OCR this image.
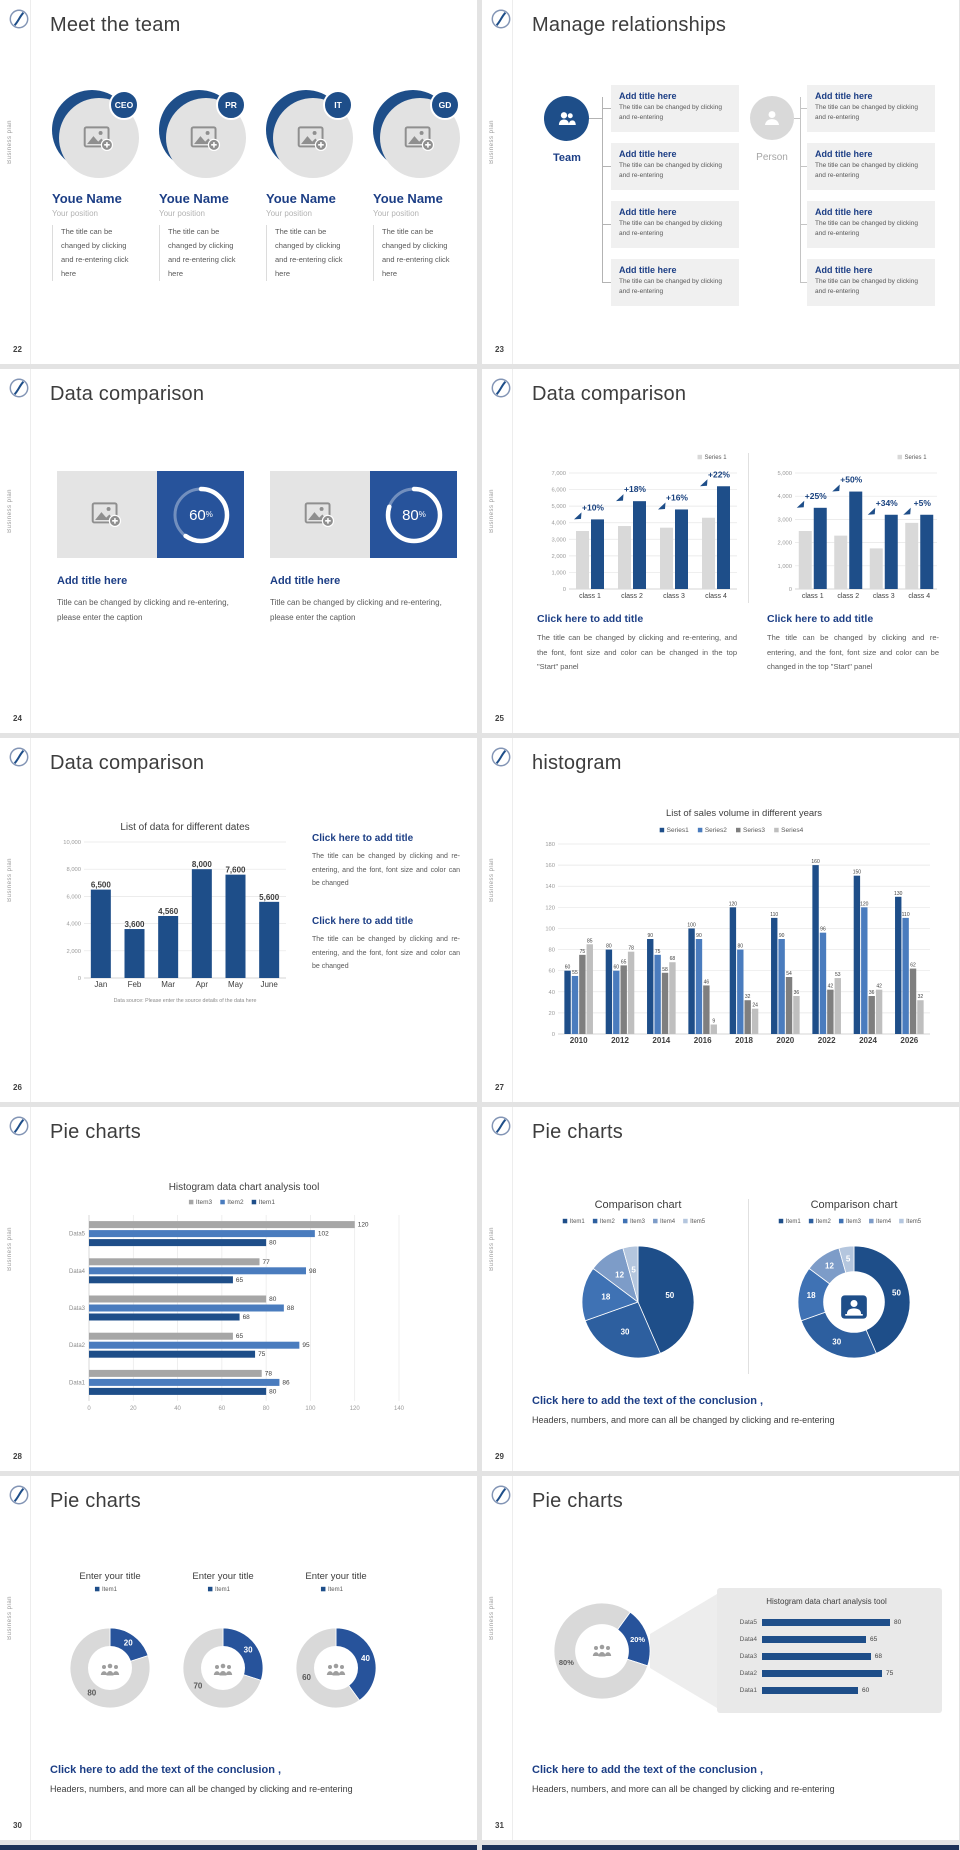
Business plan
Meet the team
22
CEO
Youe Name
Your position
The title can be changed by clicking and re-entering click here
PR
Youe Name
Your position
The title can be changed by clicking and re-entering click here
IT
Youe Name
Your position
The title can be changed by clicking and re-entering click here
GD
Youe Name
Your position
The title can be changed by clicking and re-entering click here
Business plan
Manage relationships
23
Team
Add title here
The title can be changed by clicking and re-entering
Add title here
The title can be changed by clicking and re-entering
Add title here
The title can be changed by clicking and re-entering
Add title here
The title can be changed by clicking and re-entering
Person
Add title here
The title can be changed by clicking and re-entering
Add title here
The title can be changed by clicking and re-entering
Add title here
The title can be changed by clicking and re-entering
Add title here
The title can be changed by clicking and re-entering
Business plan
Data comparison
24
60%
Add title here
Title can be changed by clicking and re-entering, please enter the caption
80%
Add title here
Title can be changed by clicking and re-entering, please enter the caption
Business plan
Data comparison
25
Series 1
0
1,000
2,000
3,000
4,000
5,000
6,000
7,000
class 1
+10%
class 2
+18%
class 3
+16%
class 4
+22%
Series 1
0
1,000
2,000
3,000
4,000
5,000
class 1
+25%
class 2
+50%
class 3
+34%
class 4
+5%
Click here to add title
The title can be changed by clicking and re-entering, and the font, font size and color can be changed in the top "Start" panel
Click here to add title
The title can be changed by clicking and re-entering, and the font, font size and color can be changed in the top "Start" panel
Business plan
Data comparison
26
List of data for different dates
0
2,000
4,000
6,000
8,000
10,000
Jan
6,500
Feb
3,600
Mar
4,560
Apr
8,000
May
7,600
June
5,600
Data source: Please enter the source details of the data here
Click here to add title
The title can be changed by clicking and re-entering, and the font, font size and color can be changed
Click here to add title
The title can be changed by clicking and re-entering, and the font, font size and color can be changed
Business plan
histogram
27
List of sales volume in different years
Series1 Series2 Series3 Series4
0
20
40
60
80
100
120
140
160
180
2010
60
55
75
85
2012
80
60
65
78
2014
90
75
58
68
2016
100
90
46
9
2018
120
80
32
24
2020
110
90
54
36
2022
160
96
42
53
2024
150
120
36
42
2026
130
110
62
32
Business plan
Pie charts
28
Histogram data chart analysis tool
Item3 Item2 Item1
0	20	40	60	80	100	120	140
Data5
120
102
80
Data4
77
98
65
Data3
80
88
68
Data2
65
95
75
Data1
78
86
80
Business plan
Pie charts
29
Comparison chart
Item1	Item2	Item3	Item4	Item5
50
30
18
12
5
Comparison chart
Item1	Item2	Item3	Item4	Item5
50
30
18
12
5
Click here to add the text of the conclusion ,
Headers, numbers, and more can all be changed by clicking and re-entering
Business plan
Pie charts
30
Enter your title
Item1
20
80
Enter your title
Item1
30
70
Enter your title
Item1
40
60
Click here to add the text of the conclusion ,
Headers, numbers, and more can all be changed by clicking and re-entering
Business plan
Pie charts
31
20%
80%
Histogram data chart analysis tool
Data5	80
Data4	65
Data3	68
Data2	75
Data1	60
Click here to add the text of the conclusion ,
Headers, numbers, and more can all be changed by clicking and re-entering
